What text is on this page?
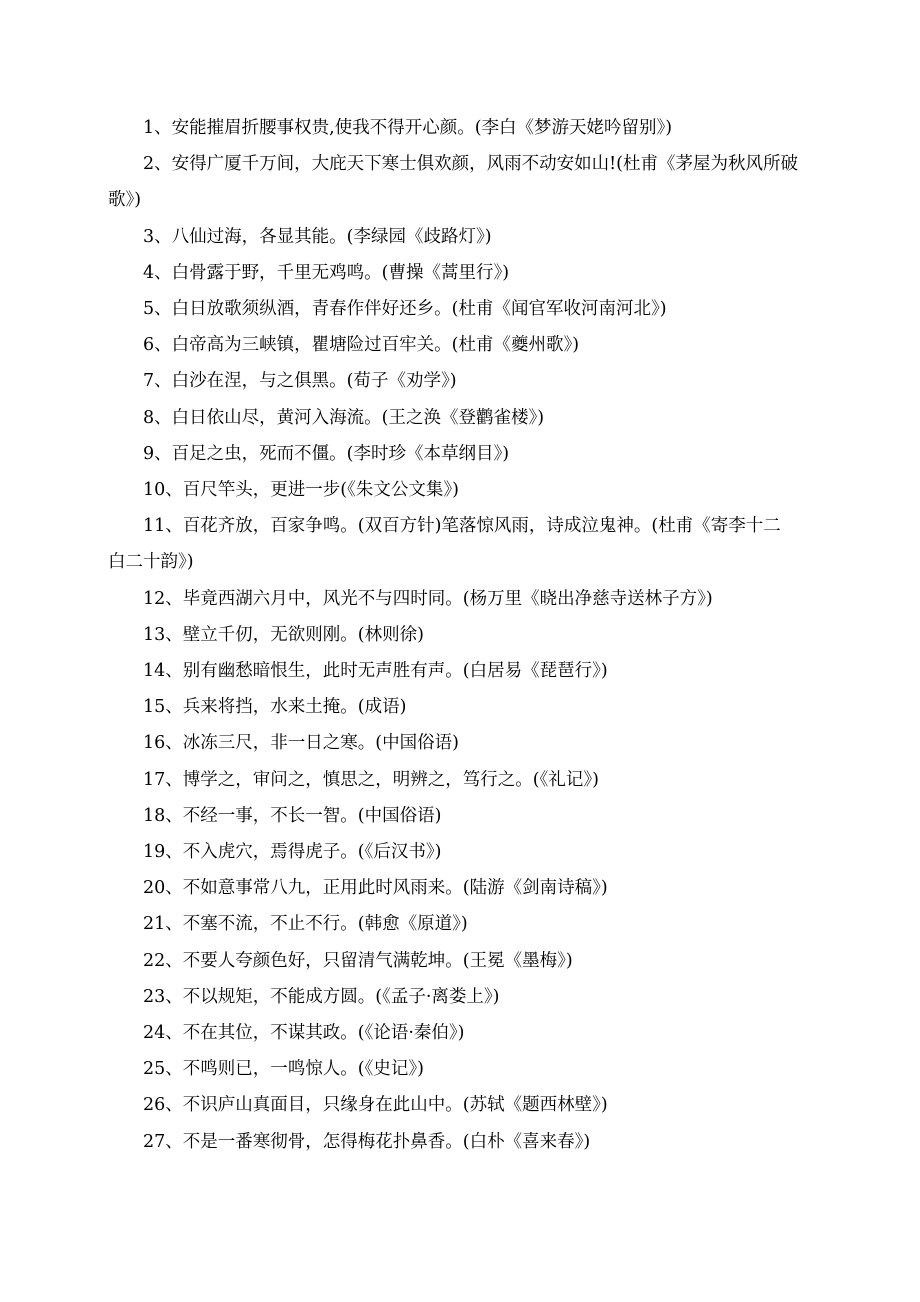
1、安能摧眉折腰事权贵,使我不得开心颜。(李白《梦游天姥吟留别》)

2、安得广厦千万间，大庇天下寒士俱欢颜，风雨不动安如山!(杜甫《茅屋为秋风所破歌》)

3、八仙过海，各显其能。(李绿园《歧路灯》)

4、白骨露于野，千里无鸡鸣。(曹操《蒿里行》)

5、白日放歌须纵酒，青春作伴好还乡。(杜甫《闻官军收河南河北》)

6、白帝高为三峡镇，瞿塘险过百牢关。(杜甫《夔州歌》)

7、白沙在涅，与之俱黑。(荀子《劝学》)

8、白日依山尽，黄河入海流。(王之涣《登鹳雀楼》)

9、百足之虫，死而不僵。(李时珍《本草纲目》)

10、百尺竿头，更进一步(《朱文公文集》)

11、百花齐放，百家争鸣。(双百方针)笔落惊风雨，诗成泣鬼神。(杜甫《寄李十二白二十韵》)

12、毕竟西湖六月中，风光不与四时同。(杨万里《晓出净慈寺送林子方》)

13、壁立千仞，无欲则刚。(林则徐)

14、别有幽愁暗恨生，此时无声胜有声。(白居易《琵琶行》)

15、兵来将挡，水来土掩。(成语)

16、冰冻三尺，非一日之寒。(中国俗语)

17、博学之，审问之，慎思之，明辨之，笃行之。(《礼记》)

18、不经一事，不长一智。(中国俗语)

19、不入虎穴，焉得虎子。(《后汉书》)

20、不如意事常八九，正用此时风雨来。(陆游《剑南诗稿》)

21、不塞不流，不止不行。(韩愈《原道》)

22、不要人夸颜色好，只留清气满乾坤。(王冕《墨梅》)

23、不以规矩，不能成方圆。(《孟子·离娄上》)

24、不在其位，不谋其政。(《论语·秦伯》)

25、不鸣则已，一鸣惊人。(《史记》)

26、不识庐山真面目，只缘身在此山中。(苏轼《题西林壁》)

27、不是一番寒彻骨，怎得梅花扑鼻香。(白朴《喜来春》)
